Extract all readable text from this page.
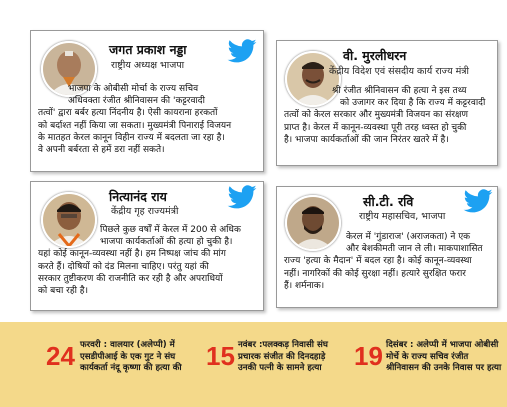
जगत प्रकाश नड्डा
राष्ट्रीय अध्यक्ष भाजपा
भाजपा के ओबीसी मोर्चा के राज्य सचिव
अधिवक्ता रंजीत श्रीनिवासन की 'कट्टरवादी
तत्वों' द्वारा बर्बर हत्या निंदनीय है। ऐसी कायराना हरकतों
को बर्दाश्त नहीं किया जा सकता। मुख्यमंत्री पिनाराई विजयन
के मातहत केरल कानून विहीन राज्य में बदलता जा रहा है।
वे अपनी बर्बरता से हमें डरा नहीं सकते।
वी. मुरलीधरन
केंद्रीय विदेश एवं संसदीय कार्य राज्य मंत्री
श्री रंजीत श्रीनिवासन की हत्या ने इस तथ्य
को उजागर कर दिया है कि राज्य में कट्टरवादी
तत्वों को केरल सरकार और मुख्यमंत्री विजयन का संरक्षण
प्राप्त है। केरल में कानून-व्यवस्था पूरी तरह ध्वस्त हो चुकी
है। भाजपा कार्यकर्ताओं की जान निरंतर खतरे में है।
नित्यानंद राय
केंद्रीय गृह राज्यमंत्री
पिछले कुछ वर्षों में केरल में 200 से अधिक
भाजपा कार्यकर्ताओं की हत्या हो चुकी है।
यहां कोई कानून-व्यवस्था नहीं है। हम निष्पक्ष जांच की मांग
करते हैं। दोषियों को दंड मिलना चाहिए। परंतु यहां की
सरकार तुष्टीकरण की राजनीति कर रही है और अपराधियों
को बचा रही है।
सी.टी. रवि
राष्ट्रीय महासचिव, भाजपा
केरल में 'गुंडाराज' (अराजकता) ने एक
और बेशकीमती जान ले ली। माकपाशासित
राज्य 'हत्या के मैदान' में बदल रहा है। कोई कानून-व्यवस्था
नहीं। नागरिकों की कोई सुरक्षा नहीं। हत्यारे सुरक्षित फरार
हैं। शर्मनाक।
24 फरवरी : वालयार (अलेप्पी) में
एसडीपीआई के एक गुट ने संघ
कार्यकर्ता नंदू कृष्णा की हत्या की 15 नवंबर :पलक्कड़ निवासी संघ
प्रचारक संजीत की दिनदहाड़े
उनकी पत्नी के सामने हत्या 19 दिसंबर : अलेप्पी में भाजपा ओबीसी
मोर्चे के राज्य सचिव रंजीत
श्रीनिवासन की उनके निवास पर हत्या
